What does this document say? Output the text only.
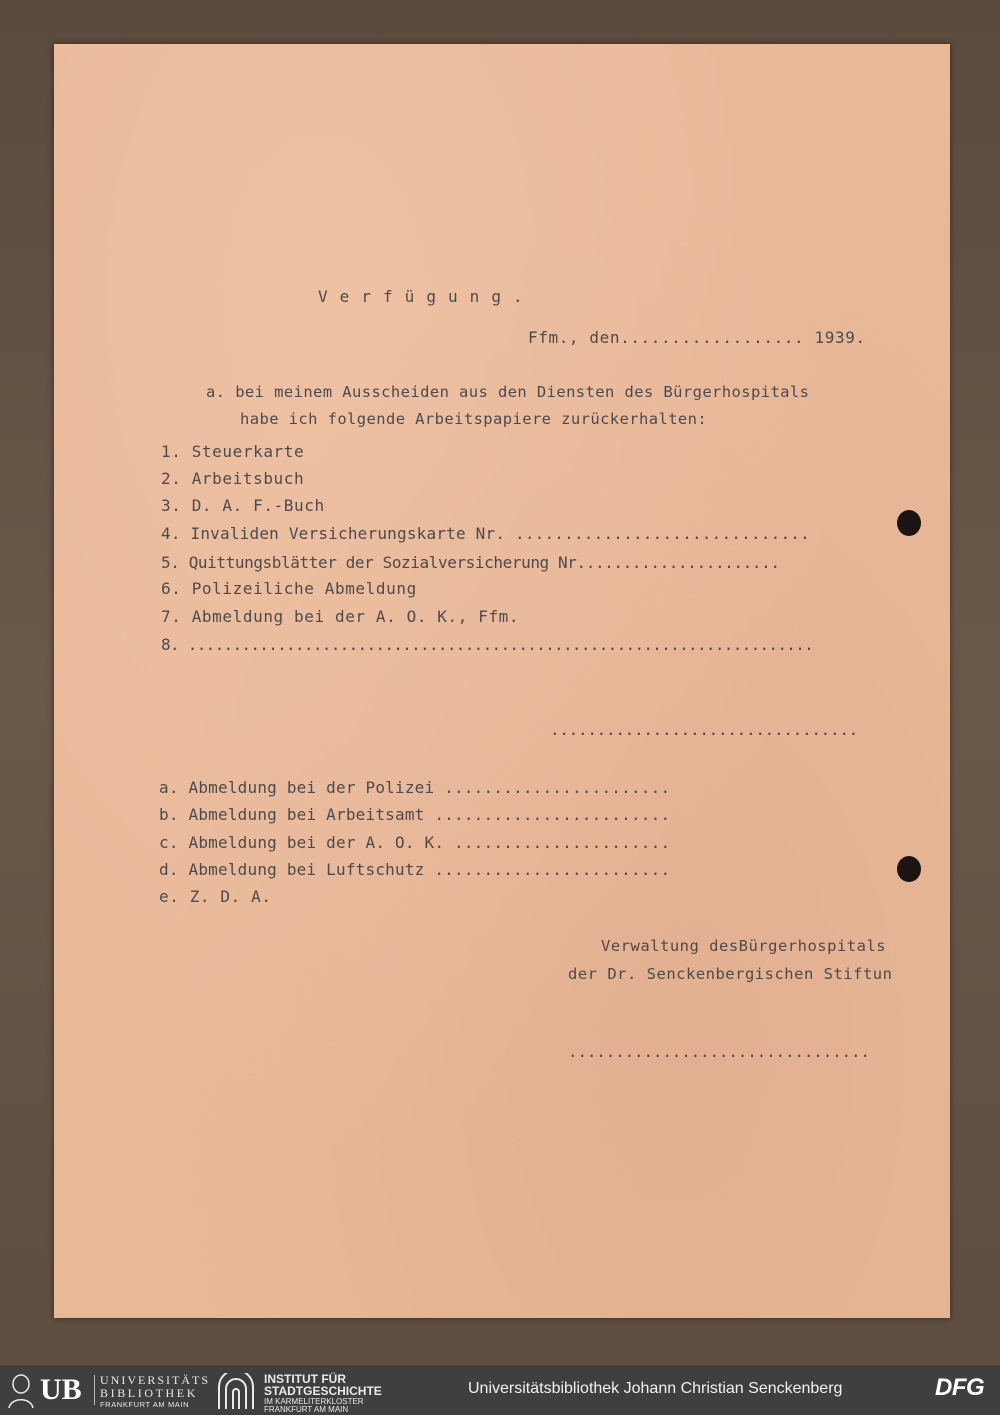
V e r f ü g u n g .
Ffm., den.................. 1939.
a. bei meinem Ausscheiden aus den Diensten des Bürgerhospitals
habe ich folgende Arbeitspapiere zurückerhalten:
1. Steuerkarte
2. Arbeitsbuch
3. D. A. F.-Buch
4. Invaliden Versicherungskarte Nr. ..............................
5. Quittungsblätter der Sozialversicherung Nr......................
6. Polizeiliche Abmeldung
7. Abmeldung bei der A. O. K., Ffm.
8. ......................................................................
.................................
a. Abmeldung bei der Polizei .......................
b. Abmeldung bei Arbeitsamt ........................
c. Abmeldung bei der A. O. K. ......................
d. Abmeldung bei Luftschutz ........................
e. Z. D. A.
Verwaltung desBürgerhospitals
der Dr. Senckenbergischen Stiftun
................................
UB UNIVERSITÄTS
BIBLIOTHEK
FRANKFURT AM MAIN
INSTITUT FÜR
STADTGESCHICHTE
IM KARMELITERKLOSTER
FRANKFURT AM MAIN
Universitätsbibliothek Johann Christian Senckenberg	DFG
